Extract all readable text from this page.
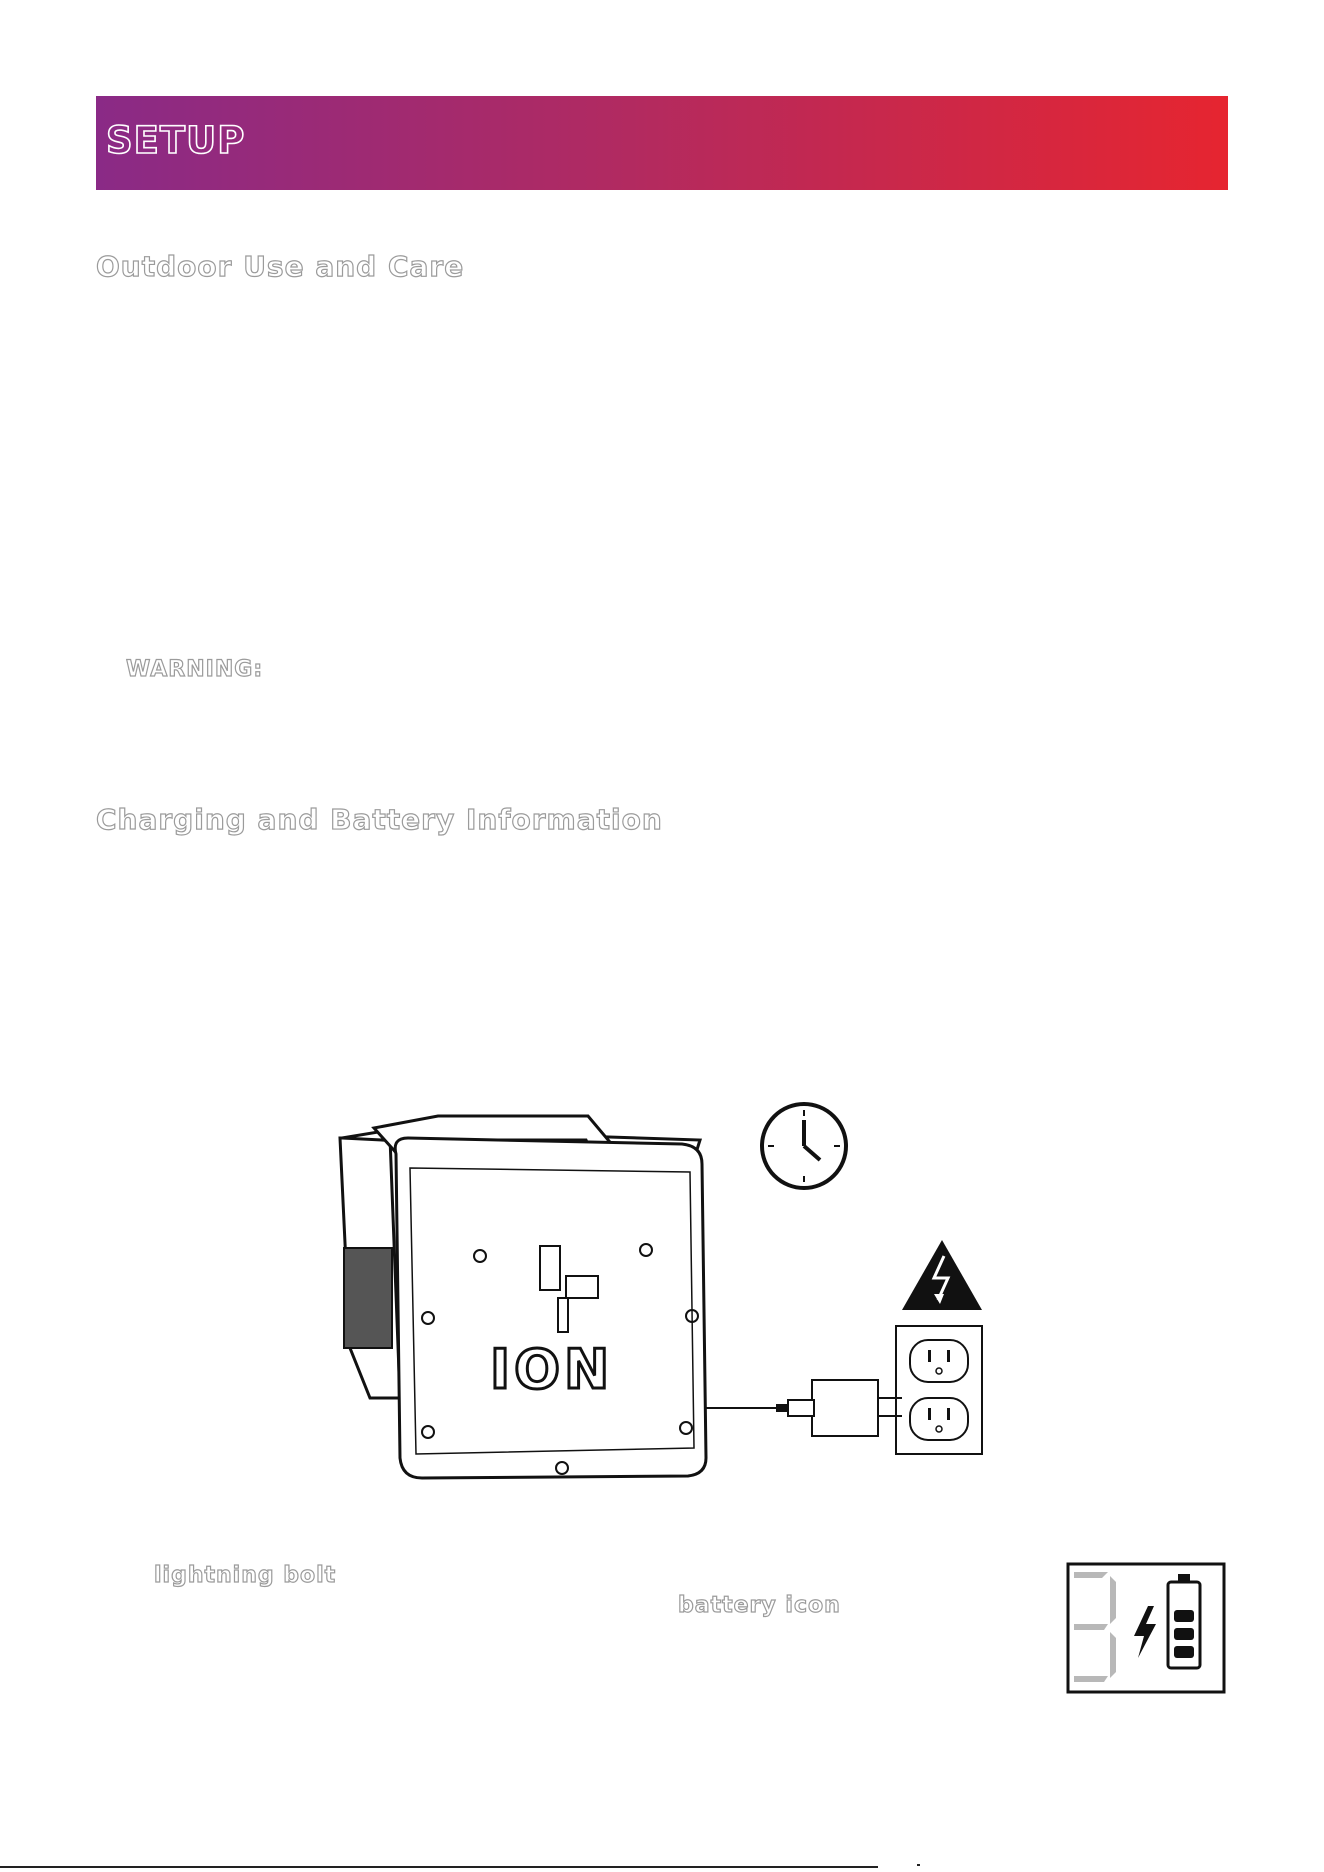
SETUP
Outdoor Use and Care
WARNING:
Charging and Battery Information
ION
lightning bolt
battery icon
